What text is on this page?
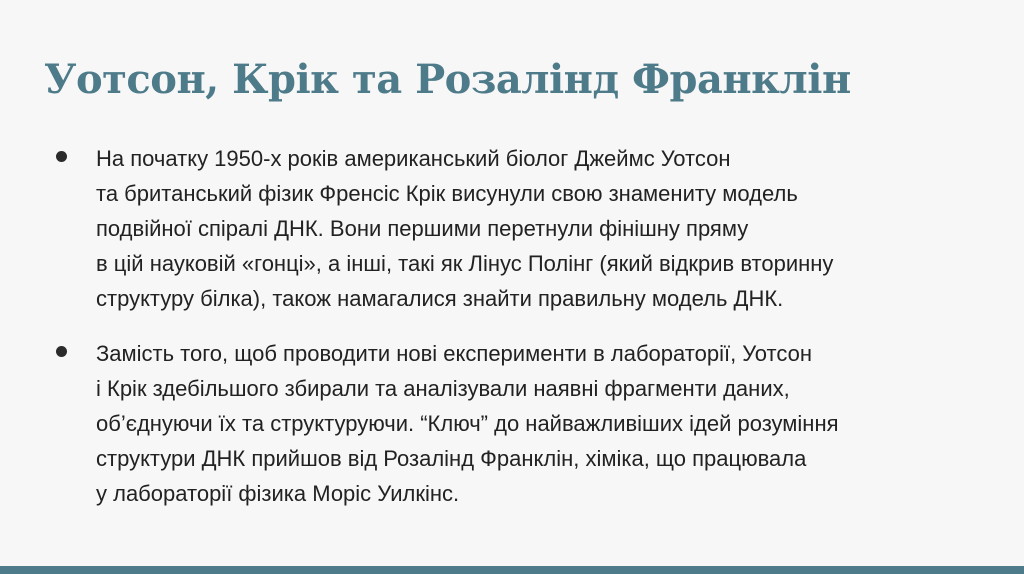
Уотсон, Крік та Розалінд Франклін
На початку 1950-х років американський біолог Джеймс Уотсон
та британський фізик Френсіс Крік висунули свою знамениту модель
подвійної спіралі ДНК. Вони першими перетнули фінішну пряму
в цій науковій «гонці», а інші, такі як Лінус Полінг (який відкрив вторинну
структуру білка), також намагалися знайти правильну модель ДНК.
Замість того, щоб проводити нові експерименти в лабораторії, Уотсон
і Крік здебільшого збирали та аналізували наявні фрагменти даних,
об’єднуючи їх та структуруючи. “Ключ” до найважливіших ідей розуміння
структури ДНК прийшов від Розалінд Франклін, хіміка, що працювала
у лабораторії фізика Моріс Уилкінс.
